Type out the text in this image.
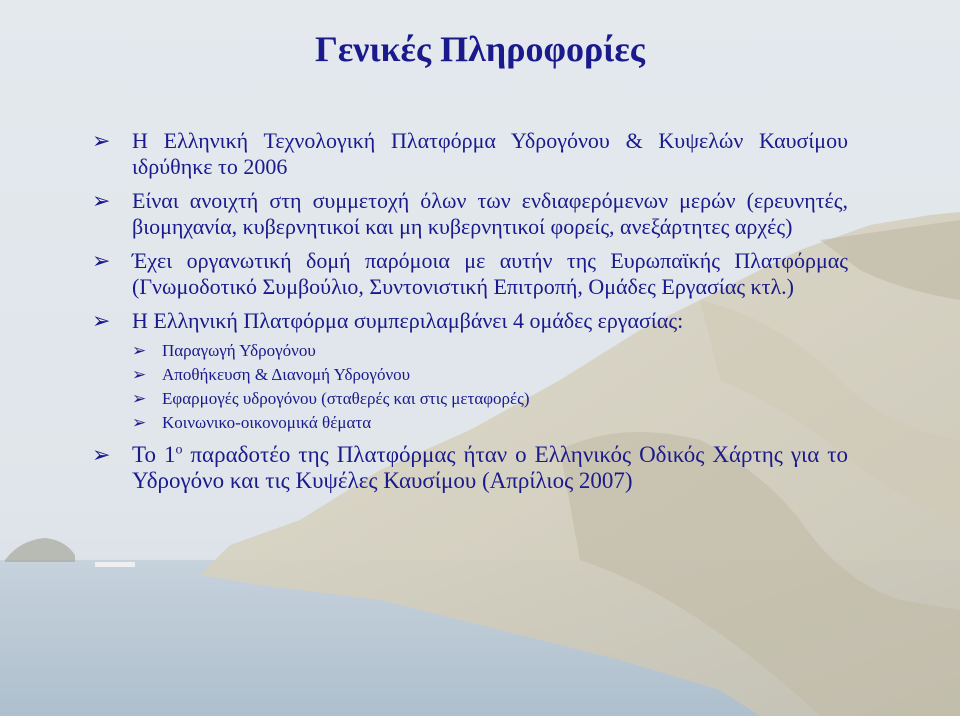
Γενικές Πληροφορίες
➢ Η Ελληνική Τεχνολογική Πλατφόρμα Υδρογόνου & Κυψελών Καυσίμου ιδρύθηκε το 2006
➢ Είναι ανοιχτή στη συμμετοχή όλων των ενδιαφερόμενων μερών (ερευνητές, βιομηχανία, κυβερνητικοί και μη κυβερνητικοί φορείς, ανεξάρτητες αρχές)
➢ Έχει οργανωτική δομή παρόμοια με αυτήν της Ευρωπαϊκής Πλατφόρμας (Γνωμοδοτικό Συμβούλιο, Συντονιστική Επιτροπή, Ομάδες Εργασίας κτλ.)
➢ Η Ελληνική Πλατφόρμα συμπεριλαμβάνει 4 ομάδες εργασίας:
➢ Παραγωγή Υδρογόνου
➢ Αποθήκευση & Διανομή Υδρογόνου
➢ Εφαρμογές υδρογόνου (σταθερές και στις μεταφορές)
➢ Κοινωνικο-οικονομικά θέματα
➢ Το $1^o$ παραδοτέο της Πλατφόρμας ήταν ο Ελληνικός Οδικός Χάρτης για το Υδρογόνο και τις Κυψέλες Καυσίμου (Απρίλιος 2007)
